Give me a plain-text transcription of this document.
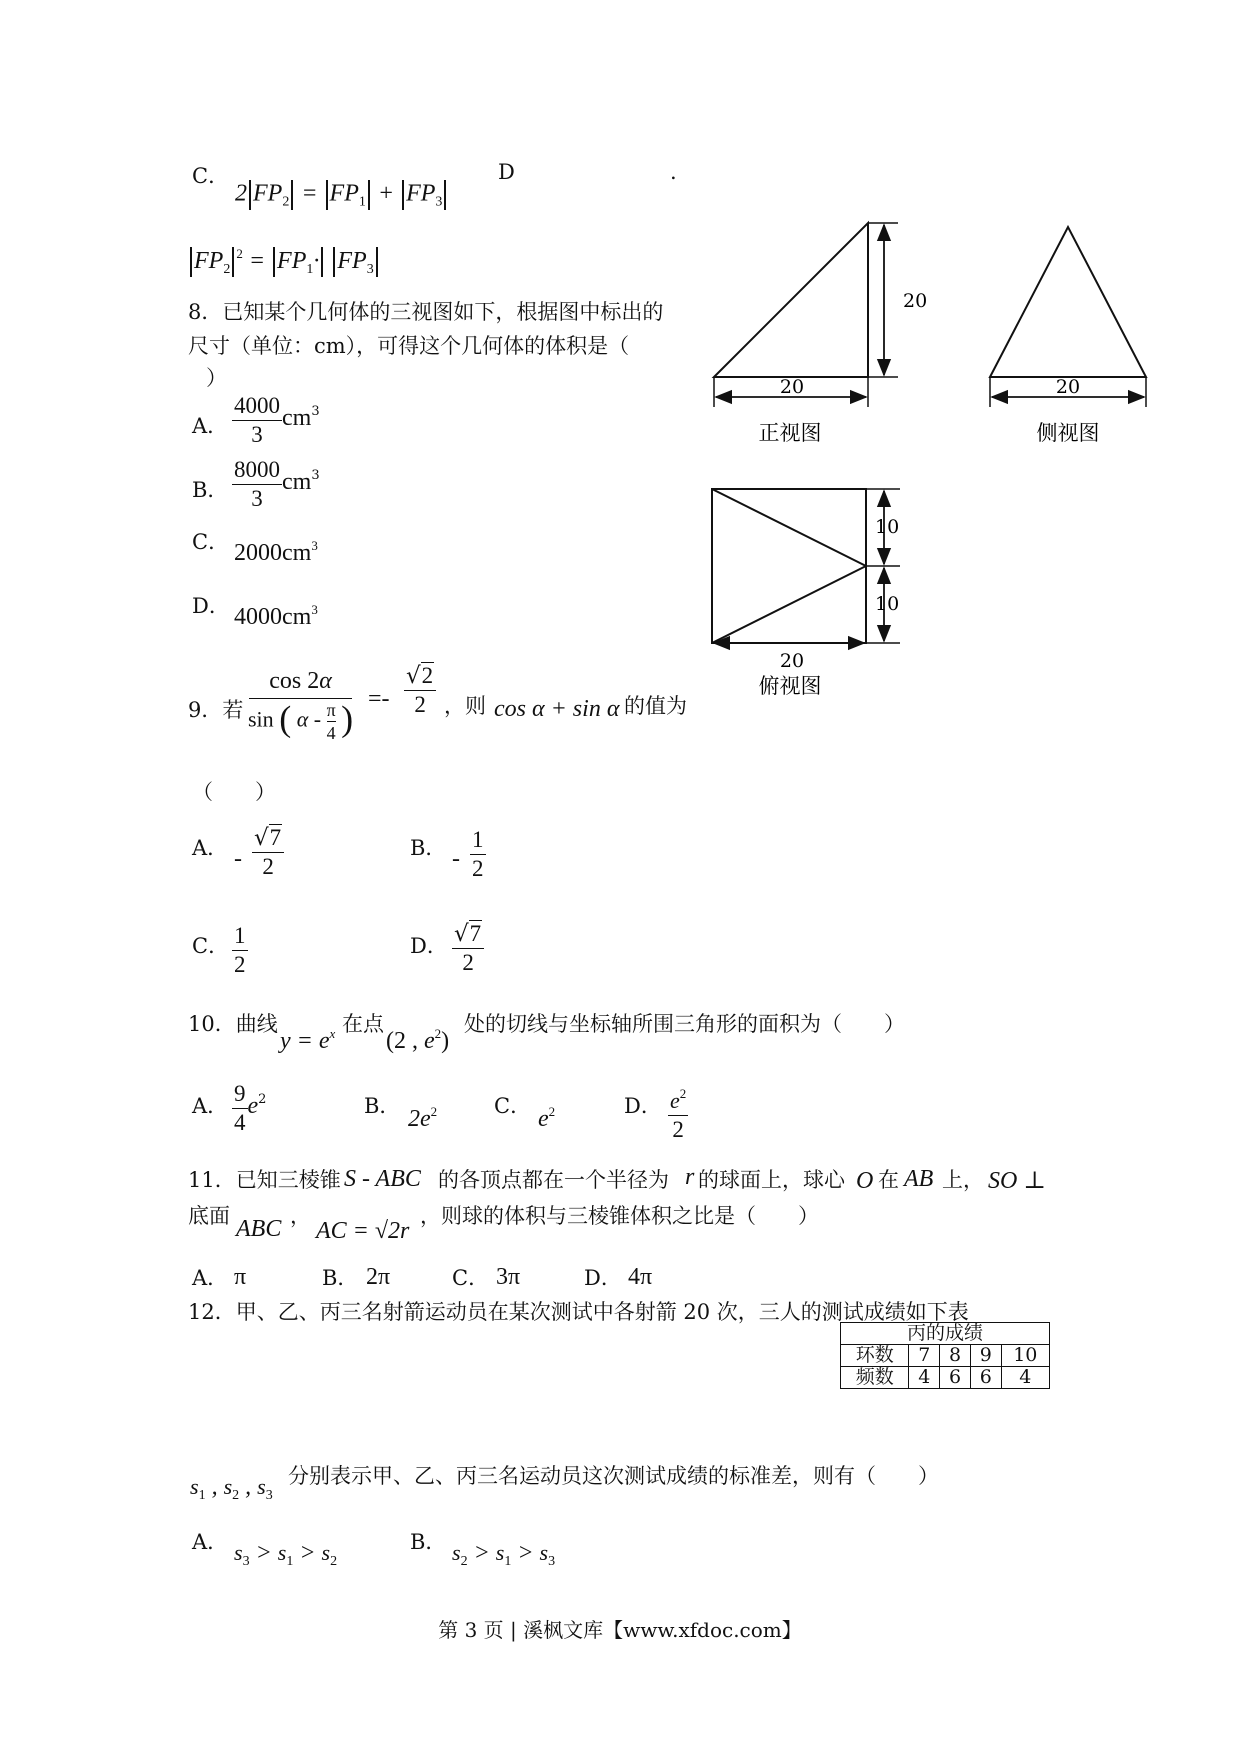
C．
2 $FP_2 = FP_1 + FP_3$
D	.
$FP_2^2 = FP_1\cdot FP_3$
8．已知某个几何体的三视图如下，根据图中标出的
尺寸（单位：cm），可得这个几何体的体积是（
）
A． $\frac{4000}{3} cm^3$
B． $\frac{8000}{3} cm^3$
C． $2000cm^3$
D． $4000cm^3$
20
20
正视图
20
侧视图
10
10
20
俯视图
9．若 $\frac{\cos 2\alpha}{\sin ( \alpha - \frac{\pi}{4} )} =- \frac{√2}{2}$ ，则 cos α + sin α 的值为
（　　）
A． - $\frac{√7}{2}$	B． - $\frac{1}{2}$
C． $\frac{1}{2}$	D． $\frac{√7}{2}$
10．曲线
$y = e^x$ 在点
(2 , $e^2$)
处的切线与坐标轴所围三角形的面积为（　　）
A． $\frac{9}{4} e^2$	B． $2e^2$	C． $e^2$	D． $\frac{e^2}{2}$
11．已知三棱锥 S - ABC 的各顶点都在一个半径为 r 的球面上，球心 O 在 AB 上， SO ⊥
底面 ABC ，
AC = √2r
，则球的体积与三棱锥体积之比是（　　）
A． π	B． 2π	C． 3π	D． 4π
12．甲、乙、丙三名射箭运动员在某次测试中各射箭 20 次，三人的测试成绩如下表
丙的成绩				
环数	7	8	9	10
频数	4	6	6	4
$s_1$ , $s_2$ , $s_3$
分别表示甲、乙、丙三名运动员这次测试成绩的标准差，则有（　　）
A． $s_3 > s_1 > s_2$
B． $s_2 > s_1 > s_3$
第 3 页 | 溪枫文库【www.xfdoc.com】
